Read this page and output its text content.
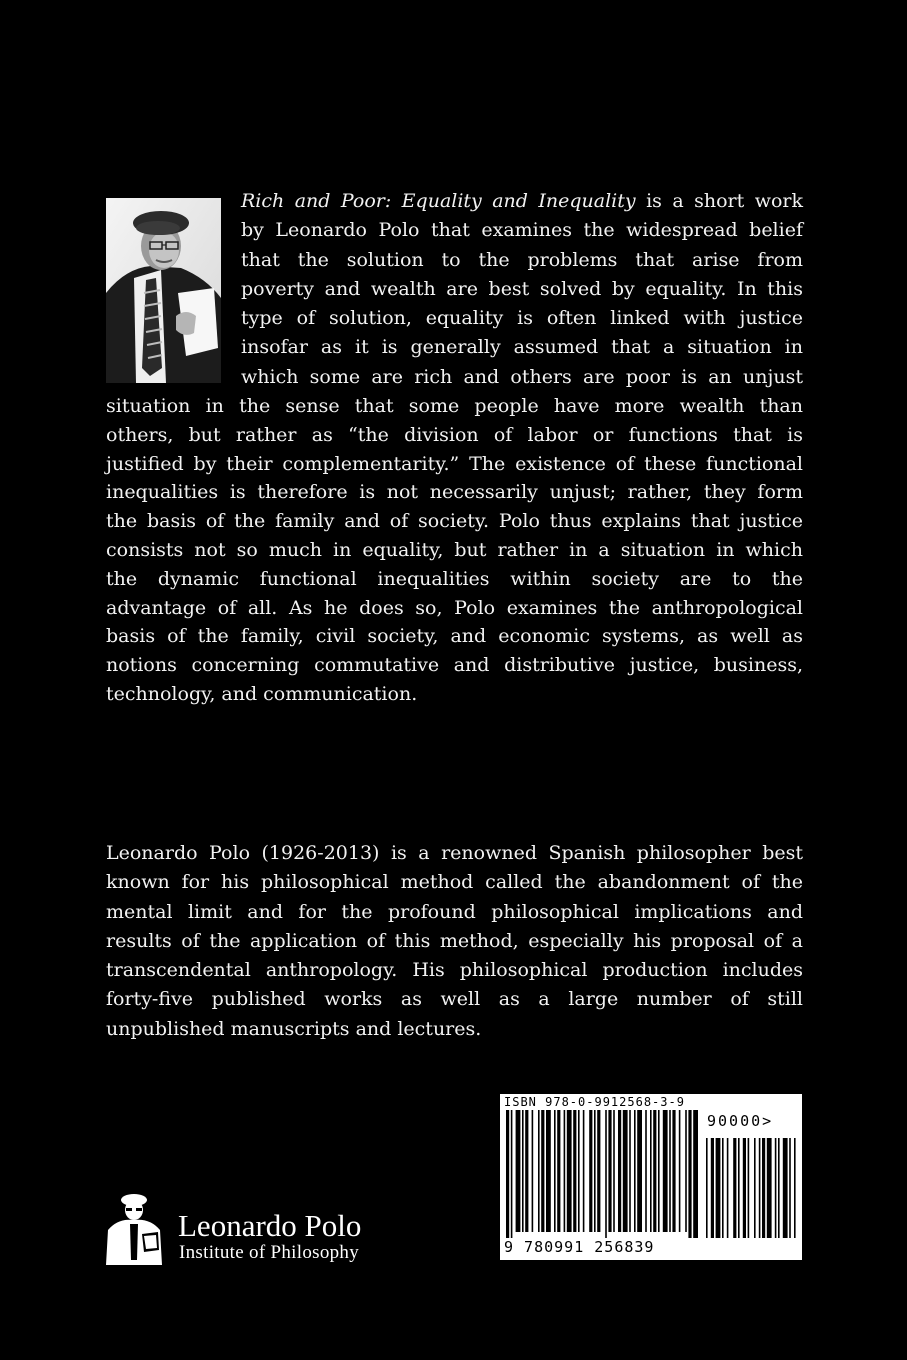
Rich and Poor: Equality and Inequality is a short work
by Leonardo Polo that examines the widespread belief
that the solution to the problems that arise from
poverty and wealth are best solved by equality. In this
type of solution, equality is often linked with justice
insofar as it is generally assumed that a situation in
which some are rich and others are poor is an unjust
situation in the sense that some people have more wealth than
others, but rather as “the division of labor or functions that is
justified by their complementarity.” The existence of these functional
inequalities is therefore is not necessarily unjust; rather, they form
the basis of the family and of society. Polo thus explains that justice
consists not so much in equality, but rather in a situation in which
the dynamic functional inequalities within society are to the
advantage of all. As he does so, Polo examines the anthropological
basis of the family, civil society, and economic systems, as well as
notions concerning commutative and distributive justice, business,
technology, and communication.
Leonardo Polo (1926-2013) is a renowned Spanish philosopher best
known for his philosophical method called the abandonment of the
mental limit and for the profound philosophical implications and
results of the application of this method, especially his proposal of a
transcendental anthropology. His philosophical production includes
forty-five published works as well as a large number of still
unpublished manuscripts and lectures.
Leonardo Polo
Institute of Philosophy
ISBN 978-0-9912568-3-9
90000>
9 780991 256839
